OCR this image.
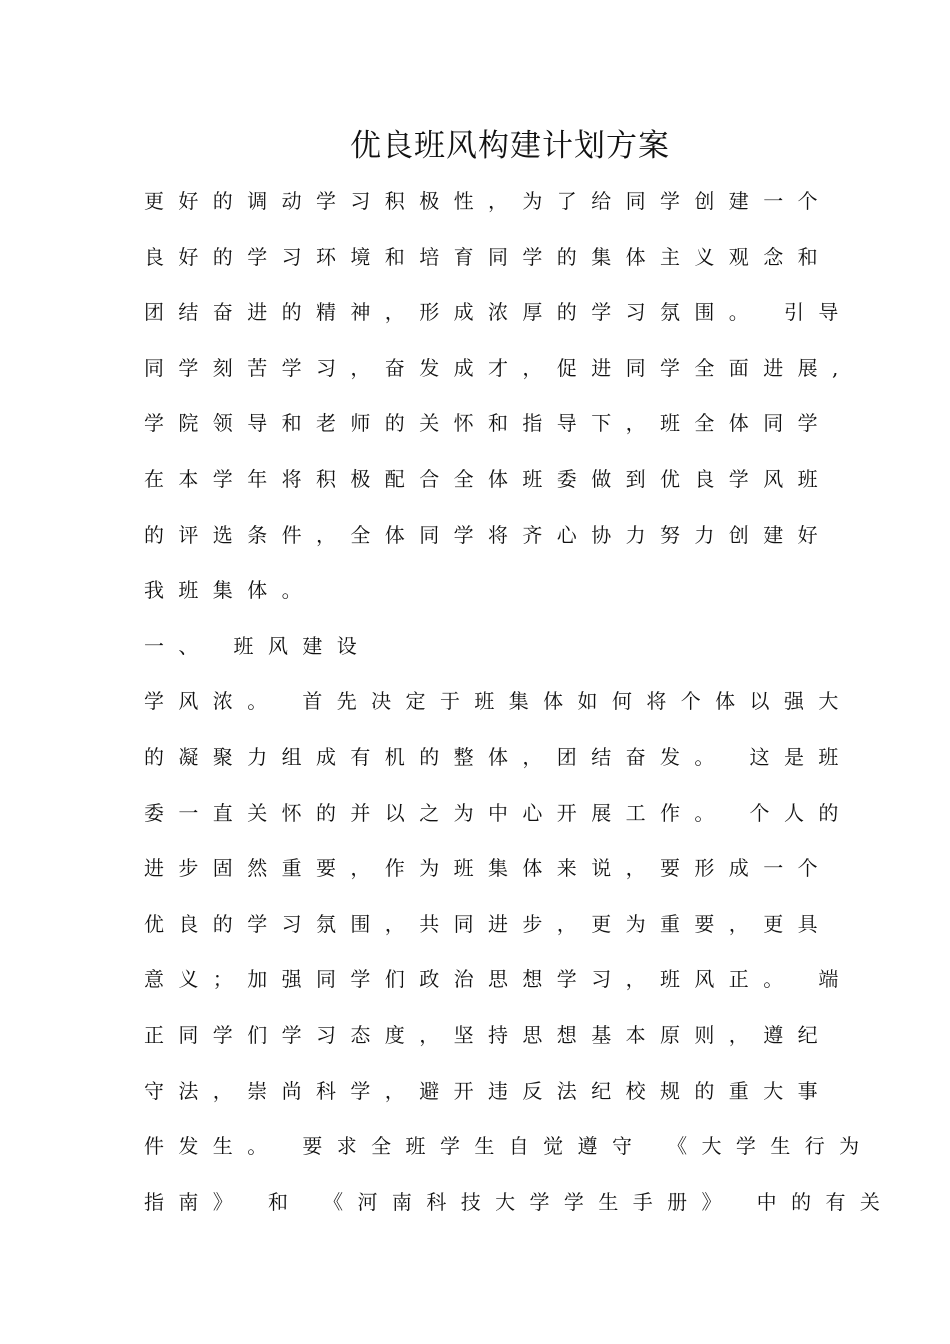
优良班风构建计划方案
更好的调动学习积极性，为了给同学创建一个
良好的学习环境和培育同学的集体主义观念和
团结奋进的精神，形成浓厚的学习氛围。 引导
同学刻苦学习，奋发成才，促进同学全面进展,
学院领导和老师的关怀和指导下，班全体同学
在本学年将积极配合全体班委做到优良学风班
的评选条件，全体同学将齐心协力努力创建好
我班集体。
一、 班风建设
学风浓。 首先决定于班集体如何将个体以强大
的凝聚力组成有机的整体，团结奋发。 这是班
委一直关怀的并以之为中心开展工作。 个人的
进步固然重要，作为班集体来说，要形成一个
优良的学习氛围，共同进步，更为重要，更具
意义；加强同学们政治思想学习，班风正。 端
正同学们学习态度，坚持思想基本原则，遵纪
守法，崇尚科学，避开违反法纪校规的重大事
件发生。 要求全班学生自觉遵守 《大学生行为
指南》 和 《河南科技大学学生手册》 中的有关
